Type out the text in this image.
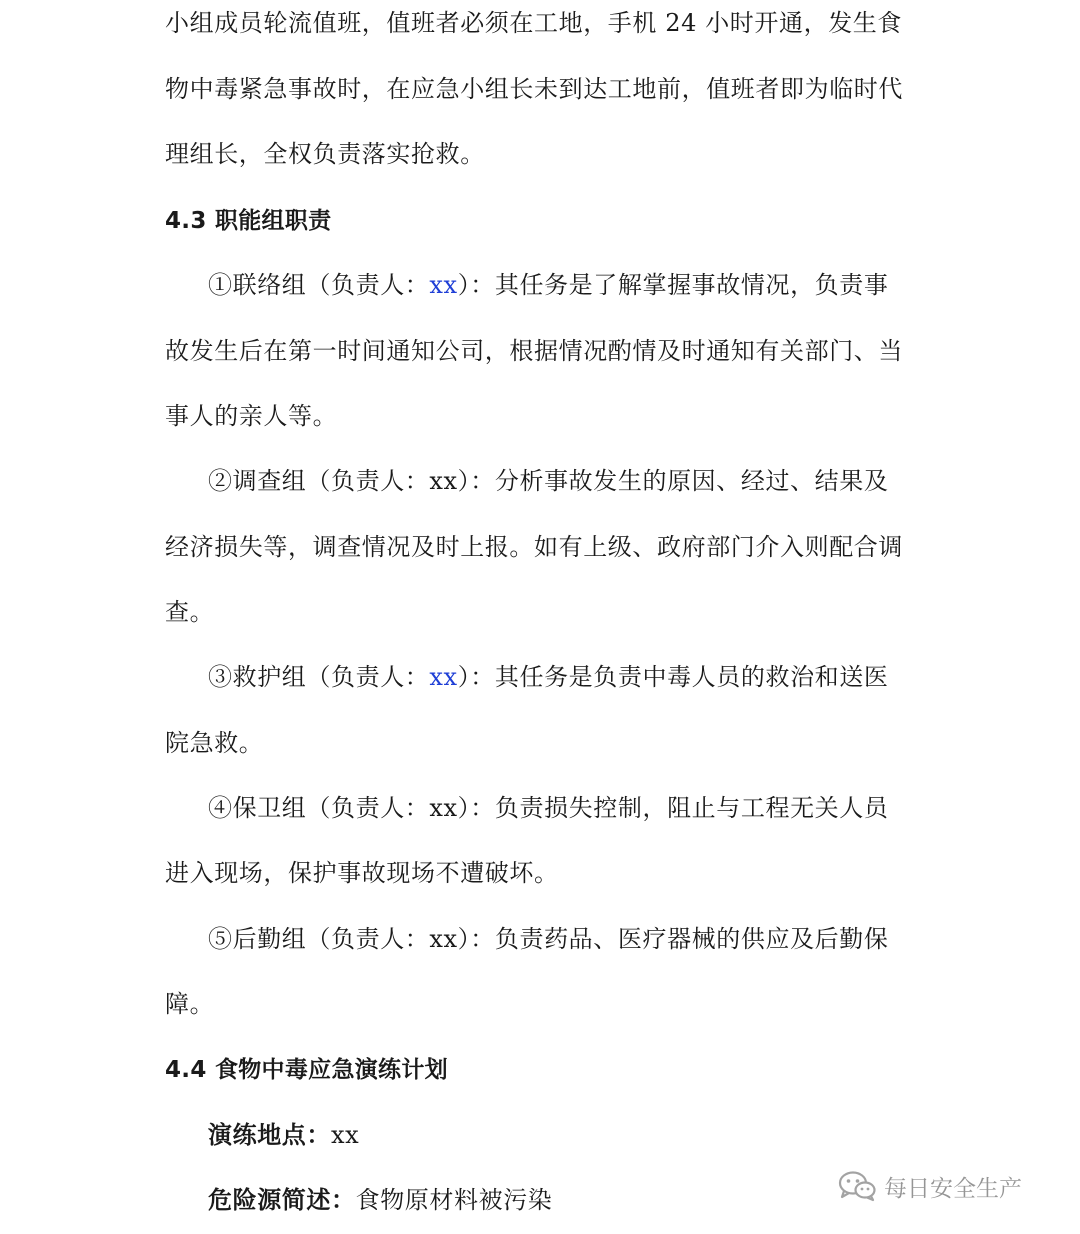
小组成员轮流值班，值班者必须在工地，手机 24 小时开通，发生食
物中毒紧急事故时，在应急小组长未到达工地前，值班者即为临时代
理组长，全权负责落实抢救。
4.3 职能组职责
①联络组（负责人：xx）：其任务是了解掌握事故情况，负责事
故发生后在第一时间通知公司，根据情况酌情及时通知有关部门、当
事人的亲人等。
②调查组（负责人：xx）：分析事故发生的原因、经过、结果及
经济损失等，调查情况及时上报。如有上级、政府部门介入则配合调
查。
③救护组（负责人：xx）：其任务是负责中毒人员的救治和送医
院急救。
④保卫组（负责人：xx）：负责损失控制，阻止与工程无关人员
进入现场，保护事故现场不遭破坏。
⑤后勤组（负责人：xx）：负责药品、医疗器械的供应及后勤保
障。
4.4 食物中毒应急演练计划
演练地点：xx
危险源简述：食物原材料被污染	每日安全生产
